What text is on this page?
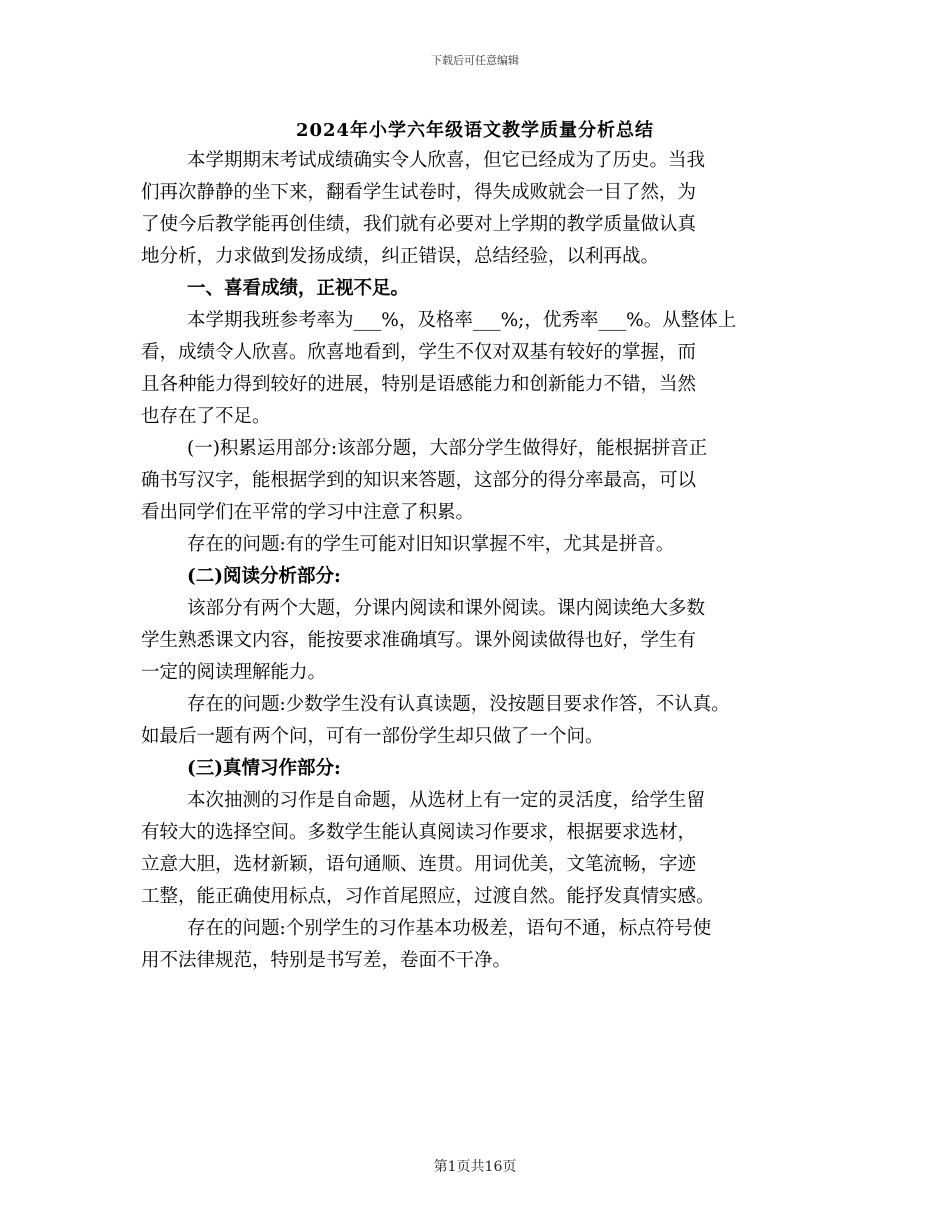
下载后可任意编辑
2024年小学六年级语文教学质量分析总结
本学期期末考试成绩确实令人欣喜，但它已经成为了历史。当我
们再次静静的坐下来，翻看学生试卷时，得失成败就会一目了然，为
了使今后教学能再创佳绩，我们就有必要对上学期的教学质量做认真
地分析，力求做到发扬成绩，纠正错误，总结经验，以利再战。
一、喜看成绩，正视不足。
本学期我班参考率为___%，及格率___%;，优秀率___%。从整体上
看，成绩令人欣喜。欣喜地看到，学生不仅对双基有较好的掌握，而
且各种能力得到较好的进展，特别是语感能力和创新能力不错，当然
也存在了不足。
(一)积累运用部分:该部分题，大部分学生做得好，能根据拼音正
确书写汉字，能根据学到的知识来答题，这部分的得分率最高，可以
看出同学们在平常的学习中注意了积累。
存在的问题:有的学生可能对旧知识掌握不牢，尤其是拼音。
(二)阅读分析部分:
该部分有两个大题，分课内阅读和课外阅读。课内阅读绝大多数
学生熟悉课文内容，能按要求准确填写。课外阅读做得也好，学生有
一定的阅读理解能力。
存在的问题:少数学生没有认真读题，没按题目要求作答，不认真。
如最后一题有两个问，可有一部份学生却只做了一个问。
(三)真情习作部分:
本次抽测的习作是自命题，从选材上有一定的灵活度，给学生留
有较大的选择空间。多数学生能认真阅读习作要求，根据要求选材，
立意大胆，选材新颖，语句通顺、连贯。用词优美，文笔流畅，字迹
工整，能正确使用标点，习作首尾照应，过渡自然。能抒发真情实感。
存在的问题:个别学生的习作基本功极差，语句不通，标点符号使
用不法律规范，特别是书写差，卷面不干净。
第1页共16页
